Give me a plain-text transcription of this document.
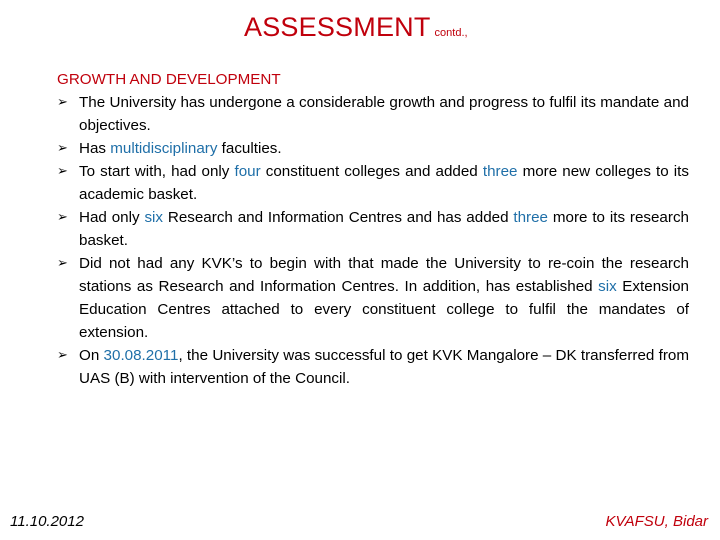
ASSESSMENT contd.,

GROWTH AND DEVELOPMENT

➢ The University has undergone a considerable growth and progress to fulfil its mandate and objectives.
➢ Has multidisciplinary faculties.
➢ To start with, had only four constituent colleges and added three more new colleges to its academic basket.
➢ Had only six Research and Information Centres and has added three more to its research basket.
➢ Did not had any KVK’s to begin with that made the University to re-coin the research stations as Research and Information Centres. In addition, has established six Extension Education Centres attached to every constituent college to fulfil the mandates of extension.
➢ On 30.08.2011, the University was successful to get KVK Mangalore – DK transferred from UAS (B) with intervention of the Council.
11.10.2012	KVAFSU, Bidar
